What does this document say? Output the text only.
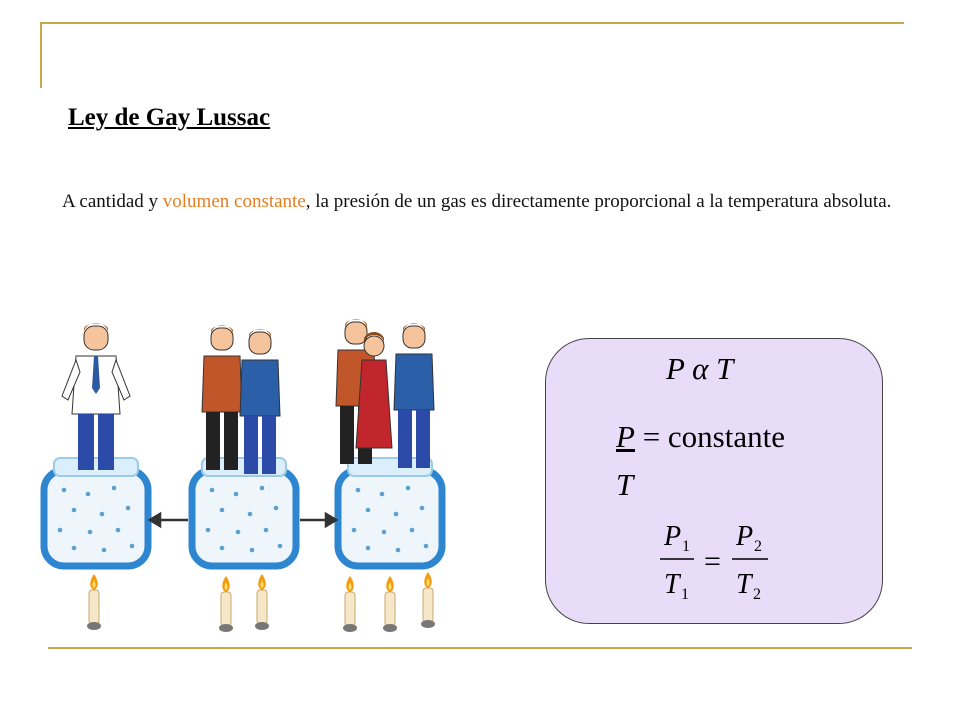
Ley de Gay Lussac

A cantidad y volumen constante, la presión de un gas es directamente proporcional a la temperatura absoluta.

P α T
P = constante
T
P 1
T 1
=
P 2
T 2
